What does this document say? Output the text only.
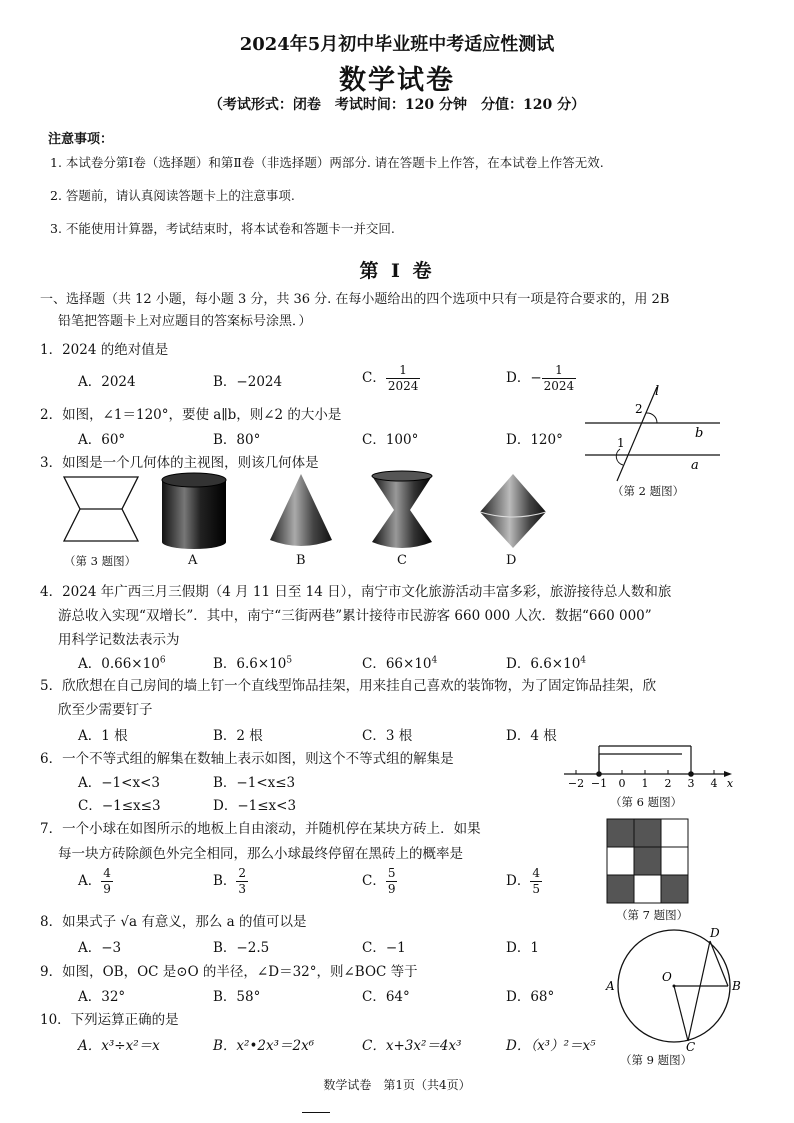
2024年5月初中毕业班中考适应性测试
数学试卷
（考试形式：闭卷　考试时间：120 分钟　分值：120 分）
注意事项：
1. 本试卷分第Ⅰ卷（选择题）和第Ⅱ卷（非选择题）两部分. 请在答题卡上作答，在本试卷上作答无效.
2. 答题前，请认真阅读答题卡上的注意事项.
3. 不能使用计算器，考试结束时，将本试卷和答题卡一并交回.
第 Ⅰ 卷
一、选择题（共 12 小题，每小题 3 分，共 36 分. 在每小题给出的四个选项中只有一项是符合要求的，用 2B
铅笔把答题卡上对应题目的答案标号涂黑．）
1．2024 的绝对值是
A．2024	B．−2024	C． $\frac{1}{2024}$	D．− $\frac{1}{2024}$
2．如图，∠1＝120°，要使 a∥b，则∠2 的大小是
A．60°	B．80°	C．100°	D．120°
l
2
1
b
a
（第 2 题图）
3．如图是一个几何体的主视图，则该几何体是
（第 3 题图）	A	B	C	D
4．2024 年广西三月三假期（4 月 11 日至 14 日），南宁市文化旅游活动丰富多彩，旅游接待总人数和旅
游总收入实现“双增长”．其中，南宁“三街两巷”累计接待市民游客 660 000 人次．数据“660 000”
用科学记数法表示为
A．$0.66\times 10^6$	B．$6.6\times 10^5$	C．$66\times 10^4$	D．$6.6\times 10^4$
5．欣欣想在自己房间的墙上钉一个直线型饰品挂架，用来挂自己喜欢的装饰物，为了固定饰品挂架，欣
欣至少需要钉子
A．1 根	B．2 根	C．3 根	D．4 根
6．一个不等式组的解集在数轴上表示如图，则这个不等式组的解集是
A．−1<x<3	B．−1<x≤3
C．−1≤x≤3	D．−1≤x<3
−2 −1 0 1 2 3 4 x
（第 6 题图）
7．一个小球在如图所示的地板上自由滚动，并随机停在某块方砖上．如果
每一块方砖除颜色外完全相同，那么小球最终停留在黑砖上的概率是
A． $\frac{4}{9}$	B． $\frac{2}{3}$	C． $\frac{5}{9}$	D． $\frac{4}{5}$
（第 7 题图）
8．如果式子 √a 有意义，那么 a 的值可以是
A．−3	B．−2.5	C．−1	D．1
9．如图，OB，OC 是⊙O 的半径，∠D＝32°，则∠BOC 等于
A．32°	B．58°	C．64°	D．68°
O
A	B
C
D
（第 9 题图）
10．下列运算正确的是
A．x³÷x²＝x	B．x²•2x³＝2x⁶	C．x+3x²＝4x³	D．（x³）²＝x⁵
数学试卷　第1页（共4页）
